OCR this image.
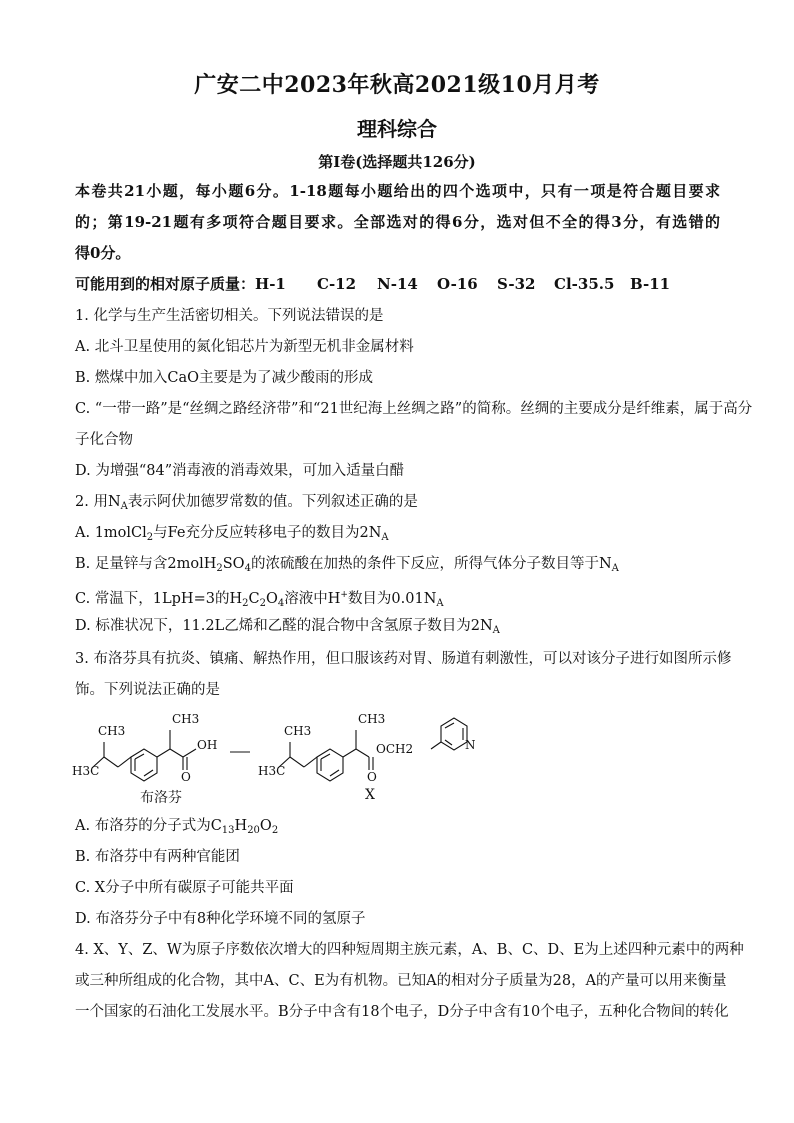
广安二中2023年秋高2021级10月月考
理科综合
第I卷(选择题共126分)
本卷共21小题，每小题6分。1-18题每小题给出的四个选项中，只有一项是符合题目要求
的；第19-21题有多项符合题目要求。全部选对的得6分，选对但不全的得3分，有选错的
得0分。
可能用到的相对原子质量：H-1 C-12 N-14 O-16 S-32 Cl-35.5 B-11
1. 化学与生产生活密切相关。下列说法错误的是
A. 北斗卫星使用的氮化铝芯片为新型无机非金属材料
B. 燃煤中加入CaO主要是为了减少酸雨的形成
C. “一带一路”是“丝绸之路经济带”和“21世纪海上丝绸之路”的简称。丝绸的主要成分是纤维素，属于高分
子化合物
D. 为增强“84”消毒液的消毒效果，可加入适量白醋
2. 用$N_A$表示阿伏加德罗常数的值。下列叙述正确的是
A. 1molCl$_2$与Fe充分反应转移电子的数目为$2N_A$
B. 足量锌与含$2molH_2SO_4$的浓硫酸在加热的条件下反应，所得气体分子数目等于$N_A$
C. 常温下，1LpH=3的$H_2C_2O_4$溶液中H+数目为$0.01N_A$
D. 标准状况下，11.2L乙烯和乙醛的混合物中含氢原子数目为$2N_A$
3. 布洛芬具有抗炎、镇痛、解热作用，但口服该药对胃、肠道有刺激性，可以对该分子进行如图所示修
饰。下列说法正确的是
CH3
CH3
H3C
OH
O
CH3
CH3
H3C
OCH2
O
N
布洛芬	X
A. 布洛芬的分子式为$C_{13}H_{20}O_2$
B. 布洛芬中有两种官能团
C. X分子中所有碳原子可能共平面
D. 布洛芬分子中有8种化学环境不同的氢原子
4. X、Y、Z、W为原子序数依次增大的四种短周期主族元素，A、B、C、D、E为上述四种元素中的两种
或三种所组成的化合物，其中A、C、E为有机物。已知A的相对分子质量为28，A的产量可以用来衡量
一个国家的石油化工发展水平。B分子中含有18个电子，D分子中含有10个电子，五种化合物间的转化
